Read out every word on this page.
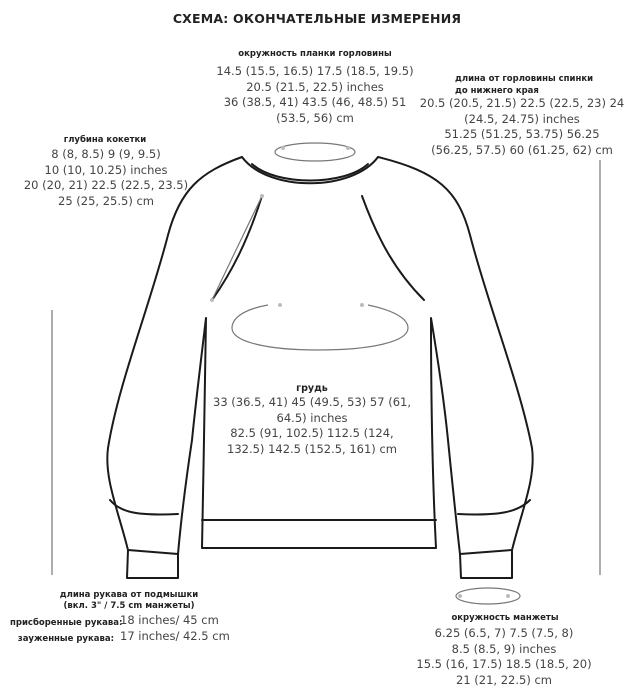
СХЕМА: ОКОНЧАТЕЛЬНЫЕ ИЗМЕРЕНИЯ
окружность планки горловины
14.5 (15.5, 16.5) 17.5 (18.5, 19.5)
20.5 (21.5, 22.5) inches
36 (38.5, 41) 43.5 (46, 48.5) 51
(53.5, 56) cm
длина от горловины спинки
до нижнего края
20.5 (20.5, 21.5) 22.5 (22.5, 23) 24
(24.5, 24.75) inches
51.25 (51.25, 53.75) 56.25
(56.25, 57.5) 60 (61.25, 62) cm
глубина кокетки
8 (8, 8.5) 9 (9, 9.5)
10 (10, 10.25) inches
20 (20, 21) 22.5 (22.5, 23.5)
25 (25, 25.5) cm
грудь
33 (36.5, 41) 45 (49.5, 53) 57 (61,
64.5) inches
82.5 (91, 102.5) 112.5 (124,
132.5) 142.5 (152.5, 161) cm
длина рукава от подмышки
(вкл. 3" / 7.5 cm манжеты)
присборенные рукава:
18 inches/ 45 cm
зауженные рукава: 17 inches/ 42.5 cm
окружность манжеты
6.25 (6.5, 7) 7.5 (7.5, 8)
8.5 (8.5, 9) inches
15.5 (16, 17.5) 18.5 (18.5, 20)
21 (21, 22.5) cm
